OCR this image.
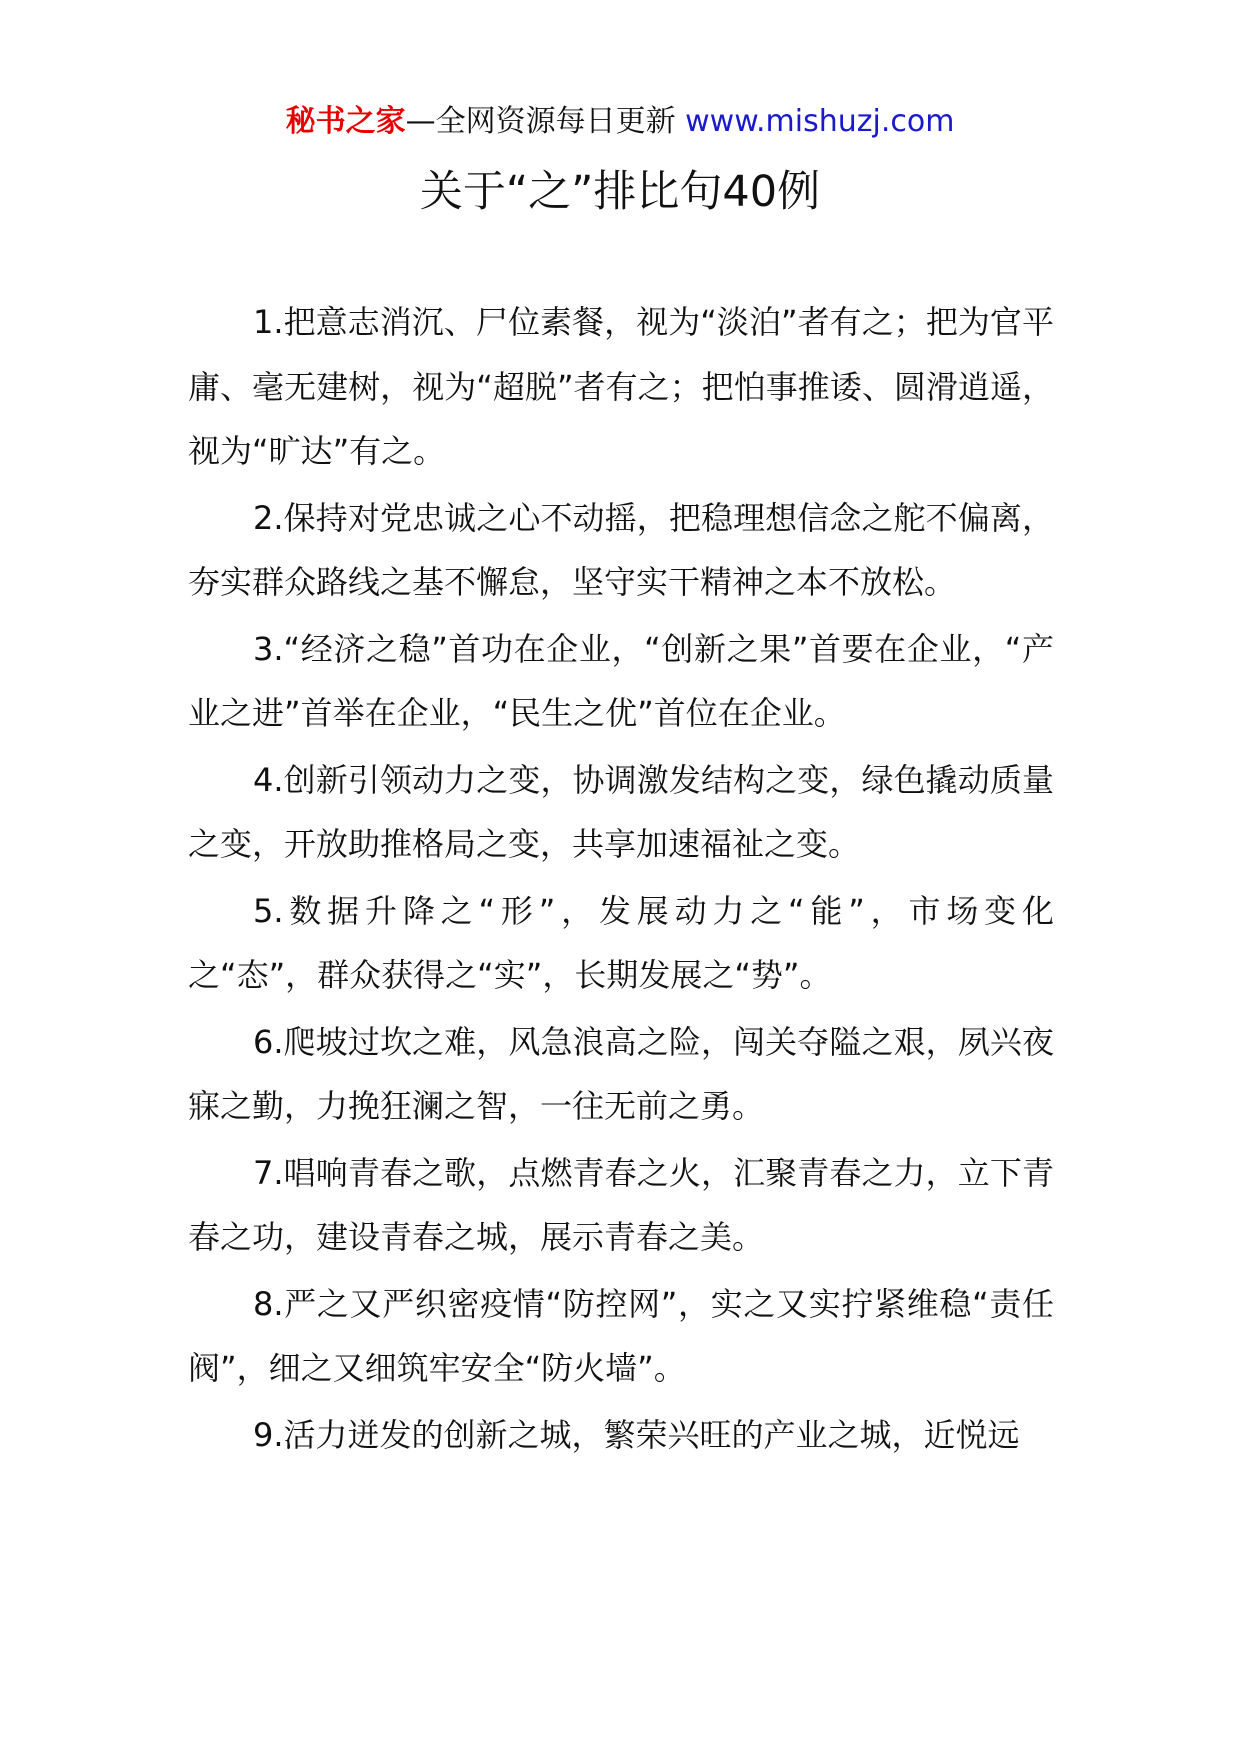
秘书之家—全网资源每日更新 www.mishuzj.com
关于“之”排比句40例

1.把意志消沉、尸位素餐，视为“淡泊”者有之；把为官平庸、毫无建树，视为“超脱”者有之；把怕事推诿、圆滑逍遥，视为“旷达”有之。

2.保持对党忠诚之心不动摇，把稳理想信念之舵不偏离，夯实群众路线之基不懈怠，坚守实干精神之本不放松。

3.“经济之稳”首功在企业，“创新之果”首要在企业，“产业之进”首举在企业，“民生之优”首位在企业。

4.创新引领动力之变，协调激发结构之变，绿色撬动质量之变，开放助推格局之变，共享加速福祉之变。

5.数据升降之“形”，发展动力之“能”，市场变化之“态”，群众获得之“实”，长期发展之“势”。

6.爬坡过坎之难，风急浪高之险，闯关夺隘之艰，夙兴夜寐之勤，力挽狂澜之智，一往无前之勇。

7.唱响青春之歌，点燃青春之火，汇聚青春之力，立下青春之功，建设青春之城，展示青春之美。

8.严之又严织密疫情“防控网”，实之又实拧紧维稳“责任阀”，细之又细筑牢安全“防火墙”。

9.活力迸发的创新之城，繁荣兴旺的产业之城，近悦远
